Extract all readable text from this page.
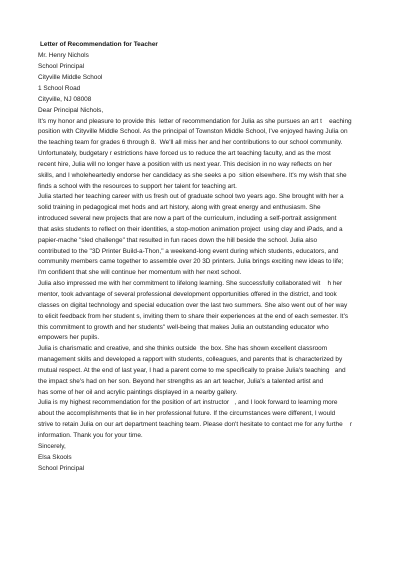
Letter of Recommendation for Teacher
Mr. Henry Nichols
School Principal
Cityville Middle School
1 School Road
Cityville, NJ 08008
Dear Principal Nichols,
It's my honor and pleasure to provide this  letter of recommendation for Julia as she pursues an art t    eaching
position with Cityville Middle School. As the principal of Townston Middle School, I've enjoyed having Julia on
the teaching team for grades 6 through 8.  We'll all miss her and her contributions to our school community.
Unfortunately, budgetary r estrictions have forced us to reduce the art teaching faculty, and as the most
recent hire, Julia will no longer have a position with us next year. This decision in no way reflects on her
skills, and I wholeheartedly endorse her candidacy as she seeks a po  sition elsewhere. It's my wish that she
finds a school with the resources to support her talent for teaching art.
Julia started her teaching career with us fresh out of graduate school two years ago. She brought with her a
solid training in pedagogical met hods and art history, along with great energy and enthusiasm. She
introduced several new projects that are now a part of the curriculum, including a self-portrait assignment
that asks students to reflect on their identities, a stop-motion animation project  using clay and iPads, and a
papier-mache "sled challenge" that resulted in fun races down the hill beside the school. Julia also
contributed to the "3D Printer Build-a-Thon," a weekend-long event during which students, educators, and
community members came together to assemble over 20 3D printers. Julia brings exciting new ideas to life;
I'm confident that she will continue her momentum with her next school.
Julia also impressed me with her commitment to lifelong learning. She successfully collaborated wit    h her
mentor, took advantage of several professional development opportunities offered in the district, and took
classes on digital technology and special education over the last two summers. She also went out of her way
to elicit feedback from her student s, inviting them to share their experiences at the end of each semester. It's
this commitment to growth and her students" well-being that makes Julia an outstanding educator who
empowers her pupils.
Julia is charismatic and creative, and she thinks outside  the box. She has shown excellent classroom
management skills and developed a rapport with students, colleagues, and parents that is characterized by
mutual respect. At the end of last year, I had a parent come to me specifically to praise Julia's teaching   and
the impact she's had on her son. Beyond her strengths as an art teacher, Julia's a talented artist and
has some of her oil and acrylic paintings displayed in a nearby gallery.
Julia is my highest recommendation for the position of art instructor   , and I look forward to learning more
about the accomplishments that lie in her professional future. If the circumstances were different, I would
strive to retain Julia on our art department teaching team. Please don't hesitate to contact me for any furthe    r
information. Thank you for your time.
Sincerely,
Elsa Skools
School Principal
